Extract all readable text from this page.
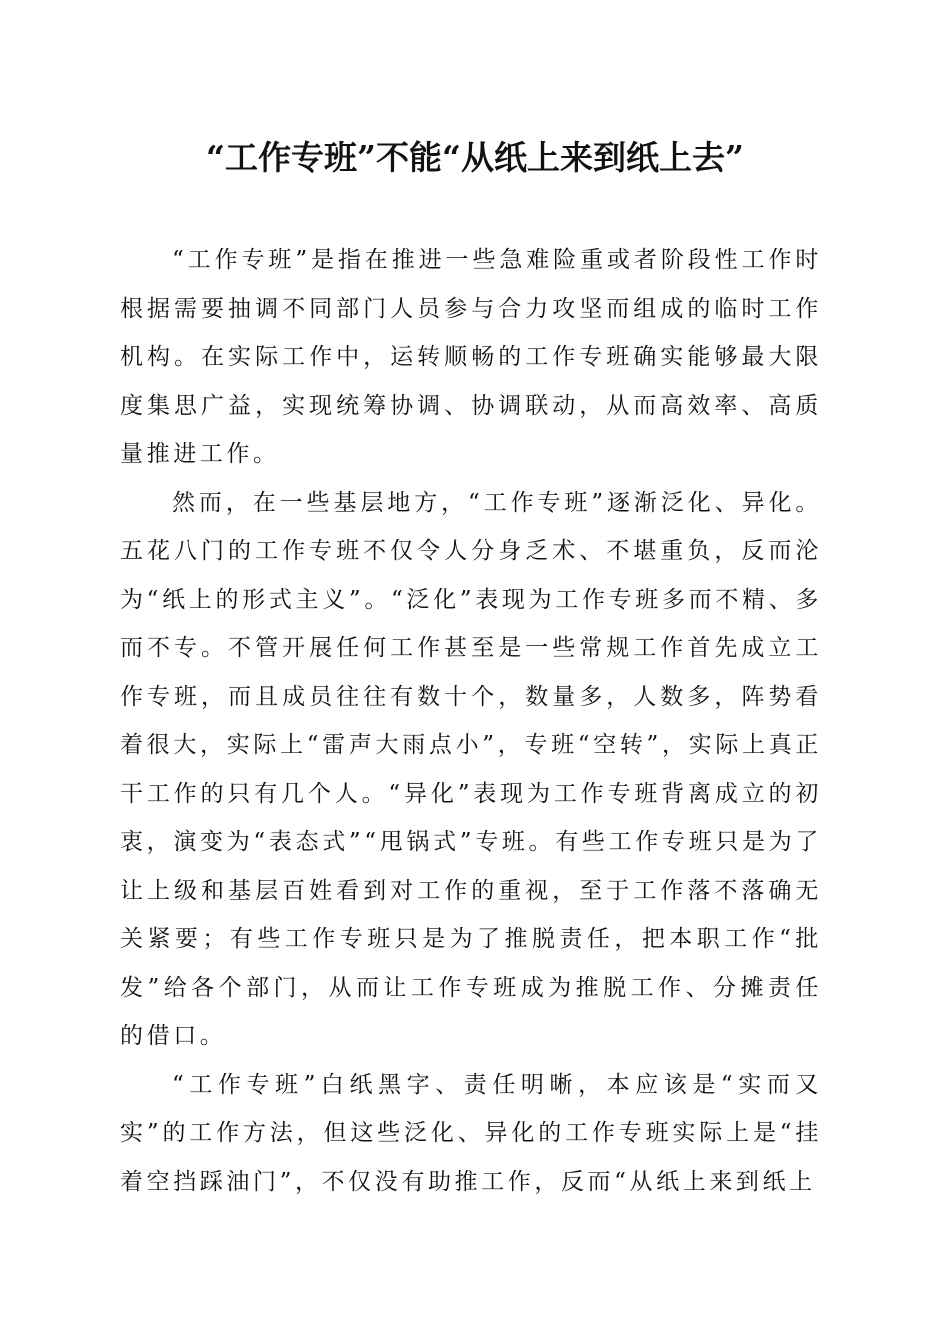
“工作专班”不能“从纸上来到纸上去”

“工作专班”是指在推进一些急难险重或者阶段性工作时根据需要抽调不同部门人员参与合力攻坚而组成的临时工作机构。在实际工作中，运转顺畅的工作专班确实能够最大限度集思广益，实现统筹协调、协调联动，从而高效率、高质量推进工作。

然而，在一些基层地方，“工作专班”逐渐泛化、异化。五花八门的工作专班不仅令人分身乏术、不堪重负，反而沦为“纸上的形式主义”。“泛化”表现为工作专班多而不精、多而不专。不管开展任何工作甚至是一些常规工作首先成立工作专班，而且成员往往有数十个，数量多，人数多，阵势看着很大，实际上“雷声大雨点小”，专班“空转”，实际上真正干工作的只有几个人。“异化”表现为工作专班背离成立的初衷，演变为“表态式”“甩锅式”专班。有些工作专班只是为了让上级和基层百姓看到对工作的重视，至于工作落不落确无关紧要；有些工作专班只是为了推脱责任，把本职工作“批发”给各个部门，从而让工作专班成为推脱工作、分摊责任的借口。

“工作专班”白纸黑字、责任明晰，本应该是“实而又实”的工作方法，但这些泛化、异化的工作专班实际上是“挂着空挡踩油门”，不仅没有助推工作，反而“从纸上来到纸上
